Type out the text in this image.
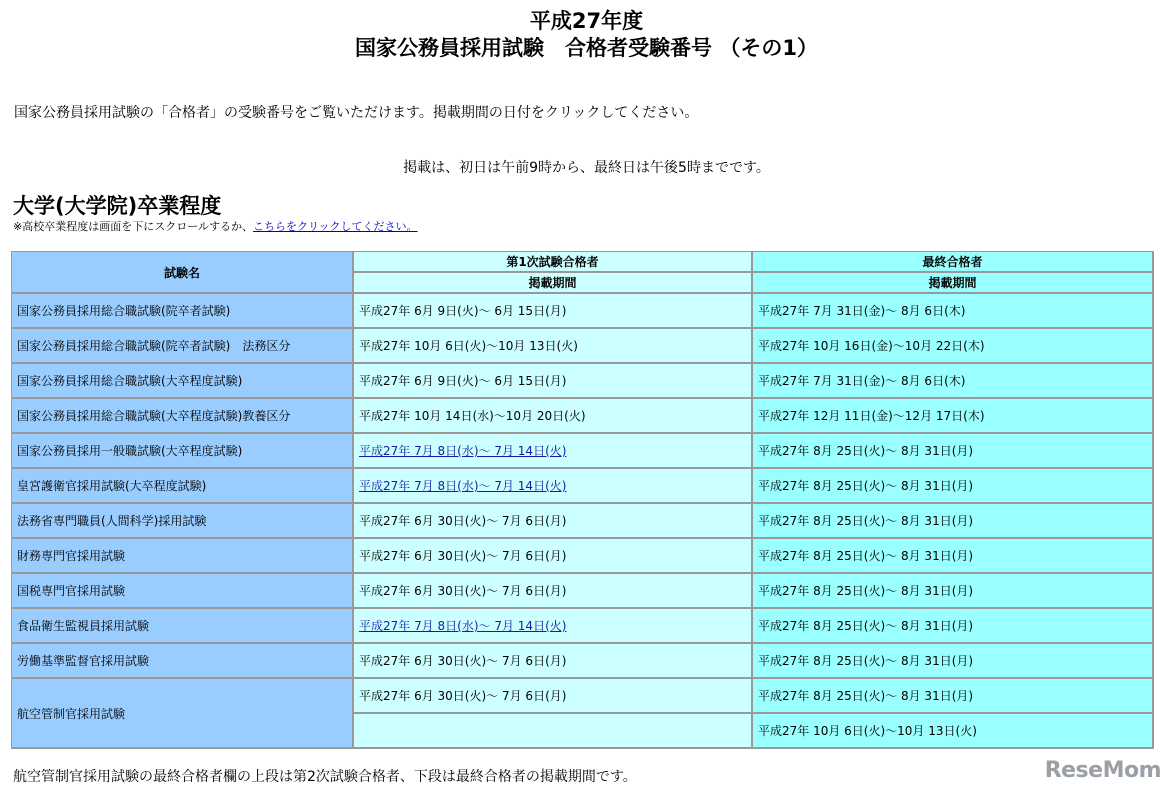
平成27年度
国家公務員採用試験　合格者受験番号 （その1）
国家公務員採用試験の「合格者」の受験番号をご覧いただけます。掲載期間の日付をクリックしてください。
掲載は、初日は午前9時から、最終日は午後5時までです。
大学(大学院)卒業程度
※高校卒業程度は画面を下にスクロールするか、こちらをクリックしてください。
試験名	第1次試験合格者	最終合格者
	掲載期間	掲載期間
国家公務員採用総合職試験(院卒者試験)	平成27年 6月 9日(火)～ 6月 15日(月)	平成27年 7月 31日(金)～ 8月 6日(木)
国家公務員採用総合職試験(院卒者試験)　法務区分	平成27年 10月 6日(火)～10月 13日(火)	平成27年 10月 16日(金)～10月 22日(木)
国家公務員採用総合職試験(大卒程度試験)	平成27年 6月 9日(火)～ 6月 15日(月)	平成27年 7月 31日(金)～ 8月 6日(木)
国家公務員採用総合職試験(大卒程度試験)教養区分	平成27年 10月 14日(水)～10月 20日(火)	平成27年 12月 11日(金)～12月 17日(木)
国家公務員採用一般職試験(大卒程度試験)	平成27年 7月 8日(水)～ 7月 14日(火)	平成27年 8月 25日(火)～ 8月 31日(月)
皇宮護衛官採用試験(大卒程度試験)	平成27年 7月 8日(水)～ 7月 14日(火)	平成27年 8月 25日(火)～ 8月 31日(月)
法務省専門職員(人間科学)採用試験	平成27年 6月 30日(火)～ 7月 6日(月)	平成27年 8月 25日(火)～ 8月 31日(月)
財務専門官採用試験	平成27年 6月 30日(火)～ 7月 6日(月)	平成27年 8月 25日(火)～ 8月 31日(月)
国税専門官採用試験	平成27年 6月 30日(火)～ 7月 6日(月)	平成27年 8月 25日(火)～ 8月 31日(月)
食品衛生監視員採用試験	平成27年 7月 8日(水)～ 7月 14日(火)	平成27年 8月 25日(火)～ 8月 31日(月)
労働基準監督官採用試験	平成27年 6月 30日(火)～ 7月 6日(月)	平成27年 8月 25日(火)～ 8月 31日(月)
航空管制官採用試験	平成27年 6月 30日(火)～ 7月 6日(月)	平成27年 8月 25日(火)～ 8月 31日(月)
		平成27年 10月 6日(火)～10月 13日(火)
航空管制官採用試験の最終合格者欄の上段は第2次試験合格者、下段は最終合格者の掲載期間です。	ReseMom
